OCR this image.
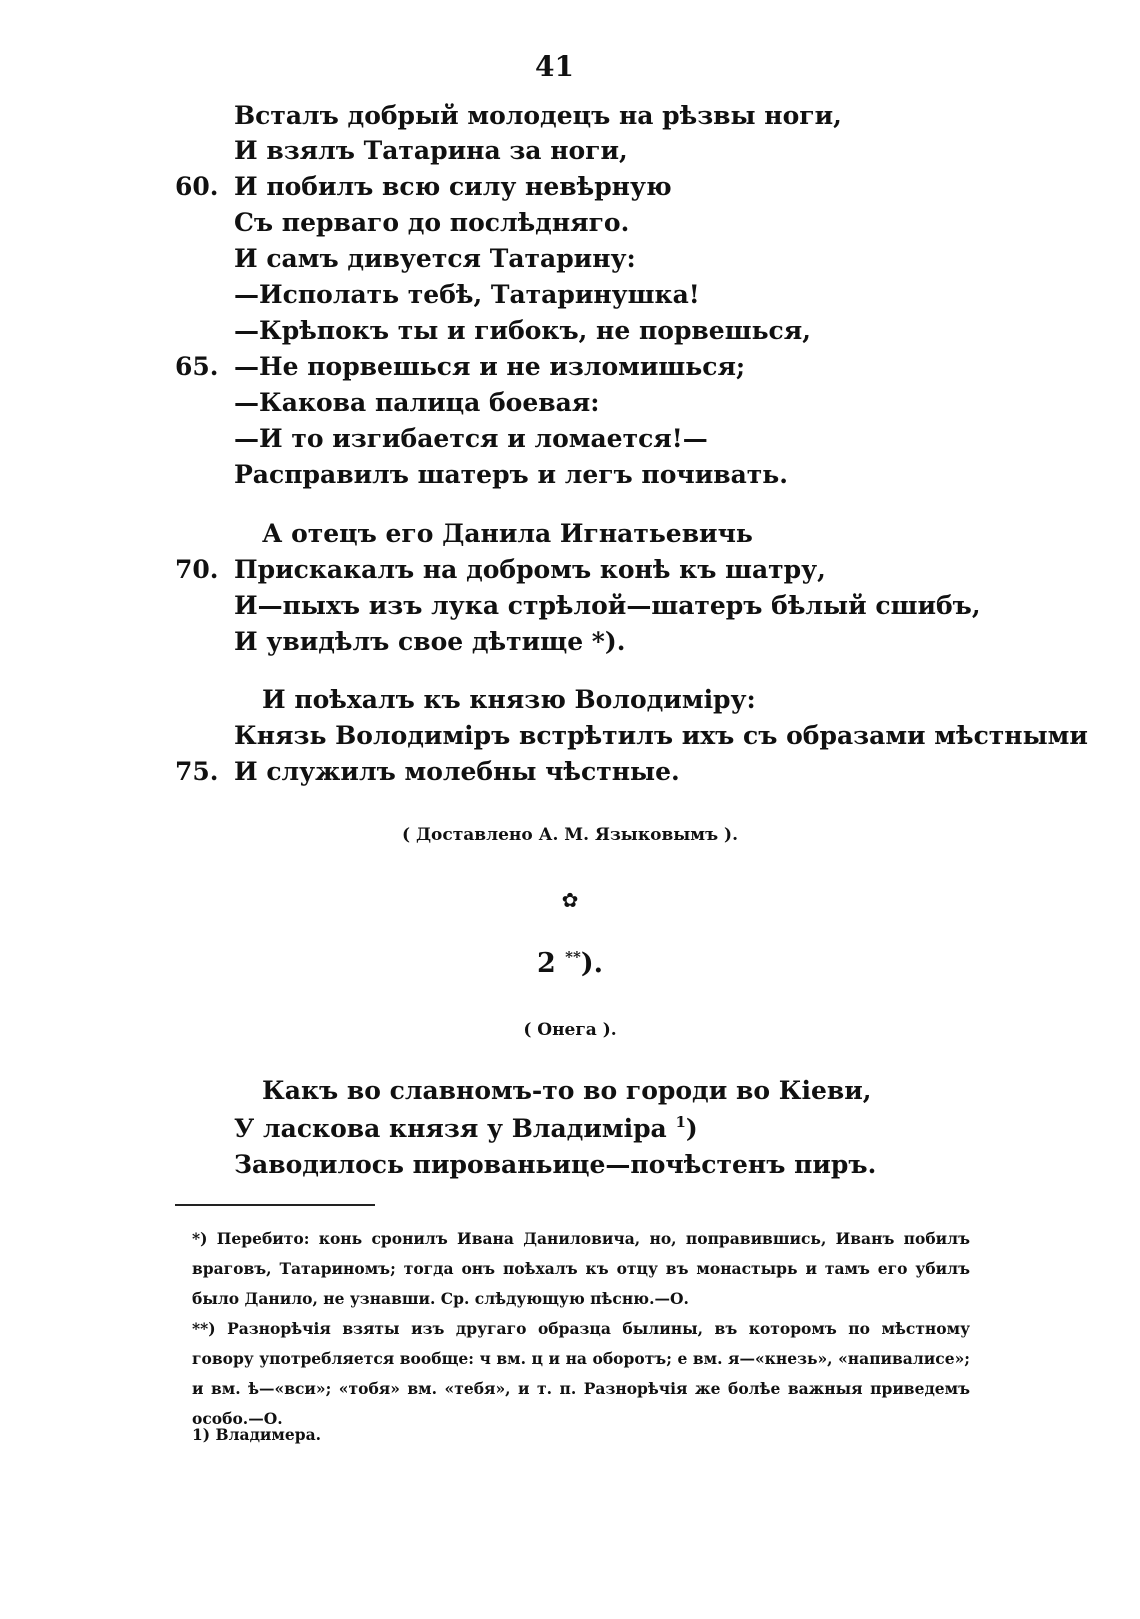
41
Всталъ добрый молодецъ на рѣзвы ноги,
И взялъ Татарина за ноги,
60. И побилъ всю силу невѣрную
Съ перваго до послѣдняго.
И самъ дивуется Татарину:
—Исполать тебѣ, Татаринушка!
—Крѣпокъ ты и гибокъ, не порвешься,
65. —Не порвешься и не изломишься;
—Какова палица боевая:
—И то изгибается и ломается!—
Расправилъ шатеръ и легъ почивать.
А отецъ его Данила Игнатьевичь
70. Прискакалъ на добромъ конѣ къ шатру,
И—пыхъ изъ лука стрѣлой—шатеръ бѣлый сшибъ,
И увидѣлъ свое дѣтище *).
И поѣхалъ къ князю Володиміру:
Князь Володиміръ встрѣтилъ ихъ съ образами мѣстными
75. И служилъ молебны чѣстные.
( Доставлено А. М. Языковымъ ).
✿
2 **).
( Онега ).
Какъ во славномъ-то во городи во Кіеви,
У ласкова князя у Владиміра $^1$)
Заводилось пированьице—почѣстенъ пиръ.

*) Перебито: конь сронилъ Ивана Даниловича, но, поправившись, Иванъ побилъ враговъ, Татариномъ; тогда онъ поѣхалъ къ отцу въ монастырь и тамъ его убилъ было Данило, не узнавши. Ср. слѣдующую пѣсню.—О.

**) Разнорѣчія взяты изъ другаго образца былины, въ которомъ по мѣстному говору употребляется вообще: ч вм. ц и на оборотъ; е вм. я—«кнезь», «напивалисе»; и вм. ѣ—«вси»; «тобя» вм. «тебя», и т. п. Разнорѣчія же болѣе важныя приведемъ особо.—О.

1) Владимера.
